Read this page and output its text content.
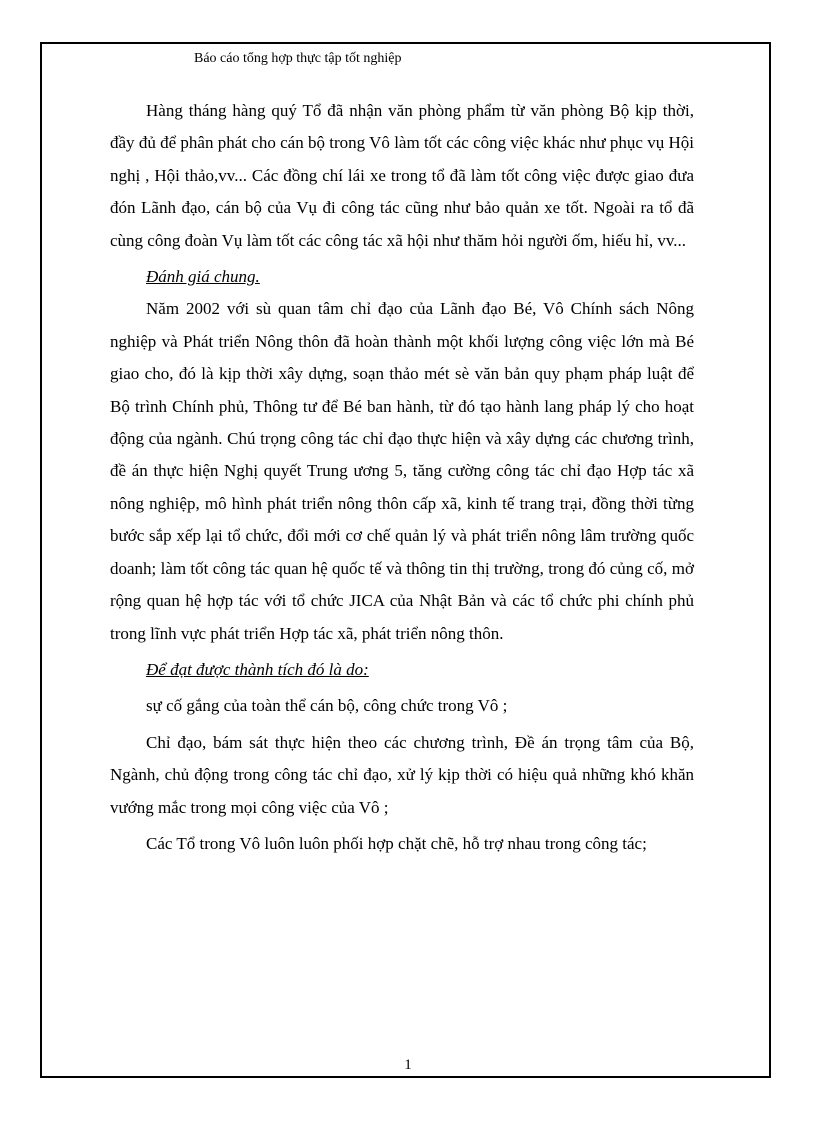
Báo cáo tổng hợp thực tập tốt nghiệp

Hàng tháng hàng quý Tổ đã nhận văn phòng phẩm từ văn phòng Bộ kịp thời, đầy đủ để phân phát cho cán bộ trong Vô làm tốt các công việc khác như phục vụ Hội nghị , Hội thảo,vv... Các đồng chí lái xe trong tổ đã làm tốt công việc được giao đưa đón Lãnh đạo, cán bộ của Vụ đi công tác cũng như bảo quản xe tốt. Ngoài ra tổ đã cùng công đoàn Vụ làm tốt các công tác xã hội như thăm hỏi người ốm, hiếu hỉ, vv...

Đánh giá chung.

Năm 2002 với sù quan tâm chỉ đạo của Lãnh đạo Bé, Vô Chính sách Nông nghiệp và Phát triển Nông thôn đã hoàn thành một khối lượng công việc lớn mà Bé giao cho, đó là kịp thời xây dựng, soạn thảo mét sè văn bản quy phạm pháp luật để Bộ trình Chính phủ, Thông tư để Bé ban hành, từ đó tạo hành lang pháp lý cho hoạt động của ngành. Chú trọng công tác chỉ đạo thực hiện và xây dựng các chương trình, đề án thực hiện Nghị quyết Trung ương 5, tăng cường công tác chỉ đạo Hợp tác xã nông nghiệp, mô hình phát triển nông thôn cấp xã, kinh tế trang trại, đồng thời từng bước sắp xếp lại tổ chức, đổi mới cơ chế quản lý và phát triển nông lâm trường quốc doanh; làm tốt công tác quan hệ quốc tế và thông tin thị trường, trong đó củng cố, mở rộng quan hệ hợp tác với tổ chức JICA của Nhật Bản và các tổ chức phi chính phủ trong lĩnh vực phát triển Hợp tác xã, phát triển nông thôn.

Để đạt được thành tích đó là do:

sự cố gắng của toàn thể cán bộ, công chức trong Vô ;

Chỉ đạo, bám sát thực hiện theo các chương trình, Đề án trọng tâm của Bộ, Ngành, chủ động trong công tác chỉ đạo, xử lý kịp thời có hiệu quả những khó khăn vướng mắc trong mọi công việc của Vô ;

Các Tổ trong Vô luôn luôn phối hợp chặt chẽ, hỗ trợ nhau trong công tác;

1
